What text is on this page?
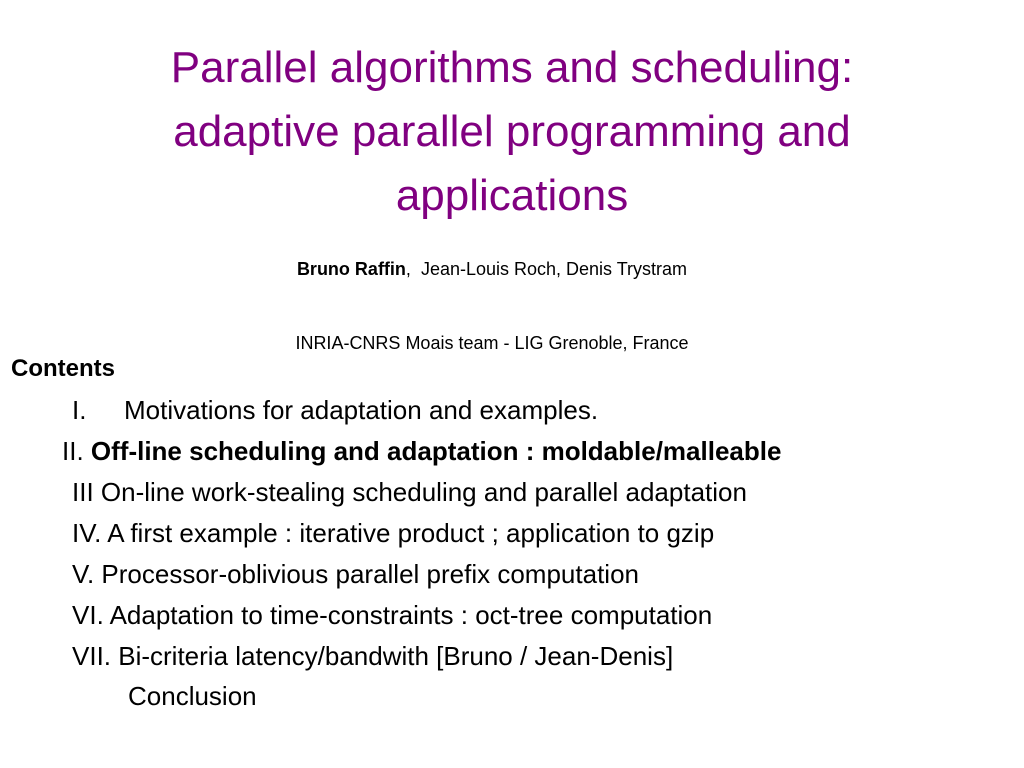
Parallel algorithms and scheduling:
adaptive parallel programming and
applications
Bruno Raffin, Jean-Louis Roch, Denis Trystram
INRIA-CNRS Moais team - LIG Grenoble, France
Contents
I. Motivations for adaptation and examples.
II. Off-line scheduling and adaptation : moldable/malleable
III On-line work-stealing scheduling and parallel adaptation
IV. A first example : iterative product ; application to gzip
V. Processor-oblivious parallel prefix computation
VI. Adaptation to time-constraints : oct-tree computation
VII. Bi-criteria latency/bandwith [Bruno / Jean-Denis]
Conclusion
